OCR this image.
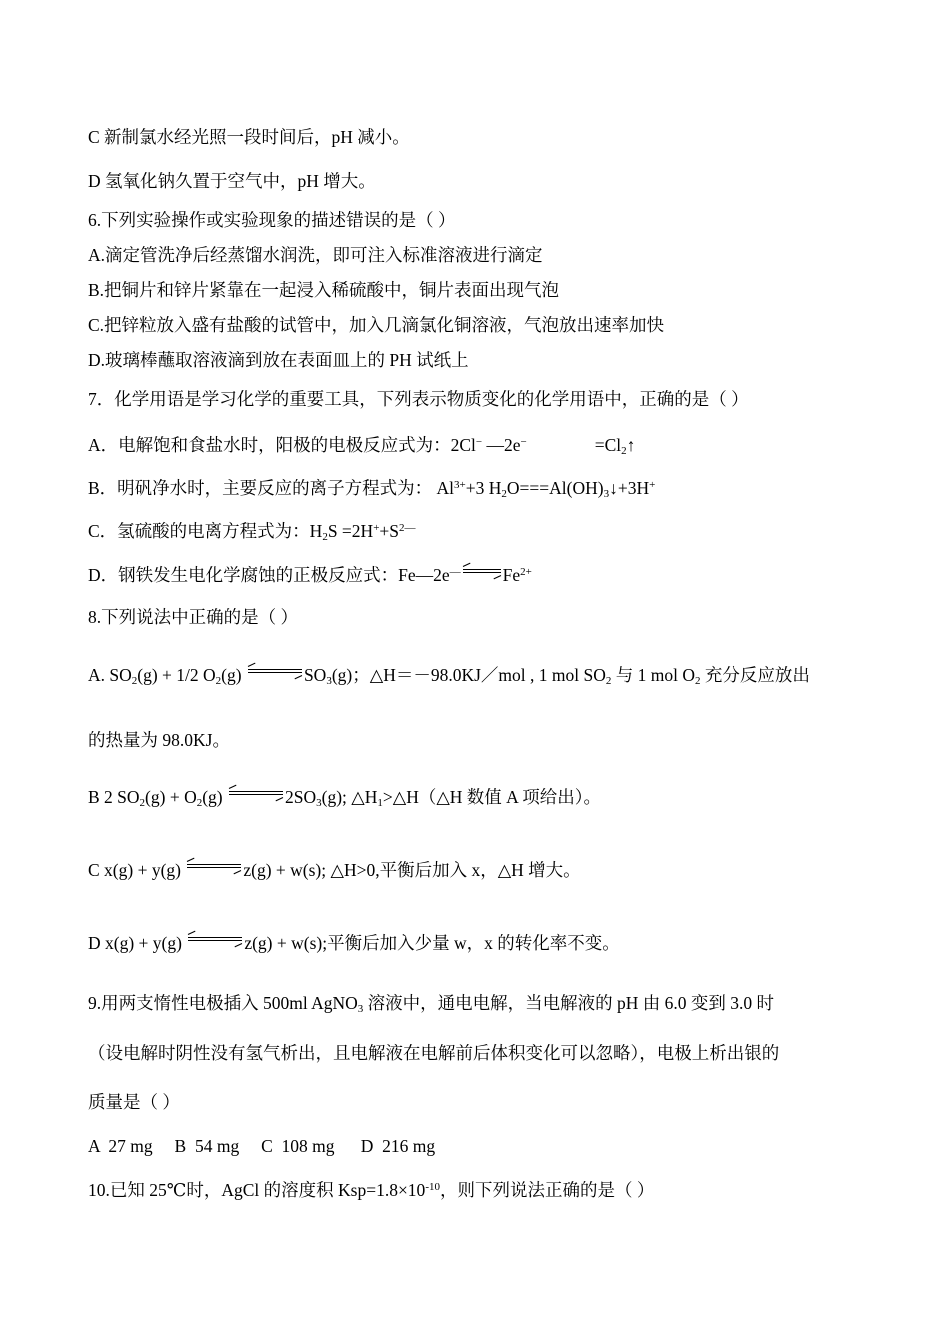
C 新制氯水经光照一段时间后，pH 减小。
D 氢氧化钠久置于空气中，pH 增大。
6.下列实验操作或实验现象的描述错误的是（ ）
A.滴定管洗净后经蒸馏水润洗，即可注入标准溶液进行滴定
B.把铜片和锌片紧靠在一起浸入稀硫酸中，铜片表面出现气泡
C.把锌粒放入盛有盐酸的试管中，加入几滴氯化铜溶液，气泡放出速率加快
D.玻璃棒蘸取溶液滴到放在表面皿上的 PH 试纸上
7．化学用语是学习化学的重要工具，下列表示物质变化的化学用语中，正确的是（ ）
A．电解饱和食盐水时，阳极的电极反应式为：2Cl− —2e−	$=Cl_2↑$
B．明矾净水时，主要反应的离子方程式为： $Al^{3+}+3$ $H_2O===Al(OH)_3↓+3H^+$
C．氢硫酸的电离方程式为：$H_2S =2H^++S^{2—}$
D．钢铁发生电化学腐蚀的正极反应式：$Fe—2e^—\rightleftharpoons Fe^{2+}$
8.下列说法中正确的是（ ）
A. $SO_2(g) + 1/2$ $O_2(g)$ $\rightleftharpoons SO_3(g)$；△H＝－98.0KJ／mol , 1 mol $SO_2$ 与 1 mol $O_2$ 充分反应放出
的热量为 98.0KJ。
B 2 $SO_2(g) + O_2(g)$ $\rightleftharpoons 2SO_3(g)$; $\triangle H_1>\triangle H(\triangle H$ 数值 A 项给出）。
C x(g) + y(g) ⇌z(g) + w(s); △H>0,平衡后加入 x，△H 增大。
D x(g) + y(g) ⇌z(g) + w(s);平衡后加入少量 w，x 的转化率不变。
9.用两支惰性电极插入 500ml AgNO$_3$ 溶液中，通电电解，当电解液的 pH 由 6.0 变到 3.0 时
（设电解时阴性没有氢气析出，且电解液在电解前后体积变化可以忽略），电极上析出银的
质量是（ ）
A  27 mg     B  54 mg     C  108 mg      D  216 mg
10.已知 25℃时，AgCl 的溶度积 $Ksp=1.8\times 10^{-10}$，则下列说法正确的是（ ）
